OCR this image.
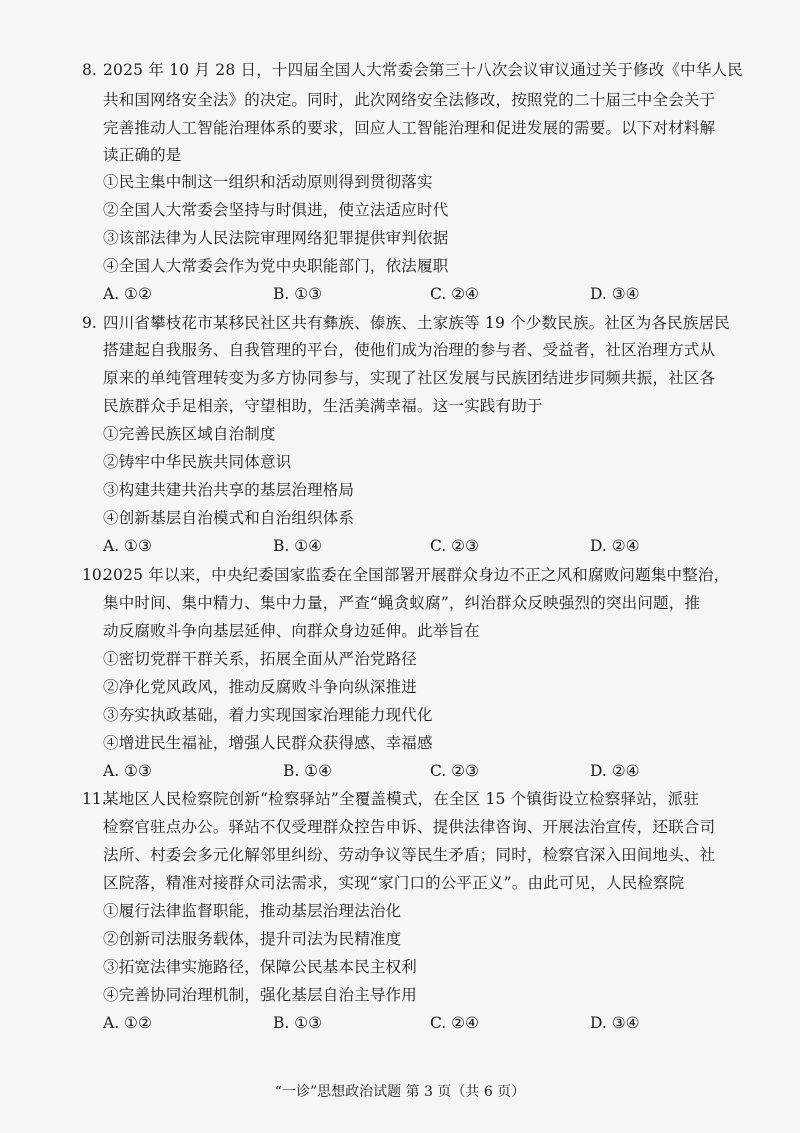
8. 2025 年 10 月 28 日，十四届全国人大常委会第三十八次会议审议通过关于修改《中华人民
共和国网络安全法》的决定。同时，此次网络安全法修改，按照党的二十届三中全会关于
完善推动人工智能治理体系的要求，回应人工智能治理和促进发展的需要。以下对材料解
读正确的是
①民主集中制这一组织和活动原则得到贯彻落实
②全国人大常委会坚持与时俱进，使立法适应时代
③该部法律为人民法院审理网络犯罪提供审判依据
④全国人大常委会作为党中央职能部门，依法履职
A. ①②	B. ①③	C. ②④	D. ③④
9. 四川省攀枝花市某移民社区共有彝族、傣族、土家族等 19 个少数民族。社区为各民族居民
搭建起自我服务、自我管理的平台，使他们成为治理的参与者、受益者，社区治理方式从
原来的单纯管理转变为多方协同参与，实现了社区发展与民族团结进步同频共振，社区各
民族群众手足相亲，守望相助，生活美满幸福。这一实践有助于
①完善民族区域自治制度
②铸牢中华民族共同体意识
③构建共建共治共享的基层治理格局
④创新基层自治模式和自治组织体系
A. ①③	B. ①④	C. ②③	D. ②④
10.
2025 年以来，中央纪委国家监委在全国部署开展群众身边不正之风和腐败问题集中整治，
集中时间、集中精力、集中力量，严查“蝇贪蚁腐”，纠治群众反映强烈的突出问题，推
动反腐败斗争向基层延伸、向群众身边延伸。此举旨在
①密切党群干群关系，拓展全面从严治党路径
②净化党风政风，推动反腐败斗争向纵深推进
③夯实执政基础，着力实现国家治理能力现代化
④增进民生福祉，增强人民群众获得感、幸福感
A. ①③	B. ①④	C. ②③	D. ②④
11.
某地区人民检察院创新“检察驿站”全覆盖模式，在全区 15 个镇街设立检察驿站，派驻
检察官驻点办公。驿站不仅受理群众控告申诉、提供法律咨询、开展法治宣传，还联合司
法所、村委会多元化解邻里纠纷、劳动争议等民生矛盾；同时，检察官深入田间地头、社
区院落，精准对接群众司法需求，实现“家门口的公平正义”。由此可见，人民检察院
①履行法律监督职能，推动基层治理法治化
②创新司法服务载体，提升司法为民精准度
③拓宽法律实施路径，保障公民基本民主权利
④完善协同治理机制，强化基层自治主导作用
A. ①②	B. ①③	C. ②④	D. ③④
“一诊”思想政治试题 第 3 页（共 6 页）
